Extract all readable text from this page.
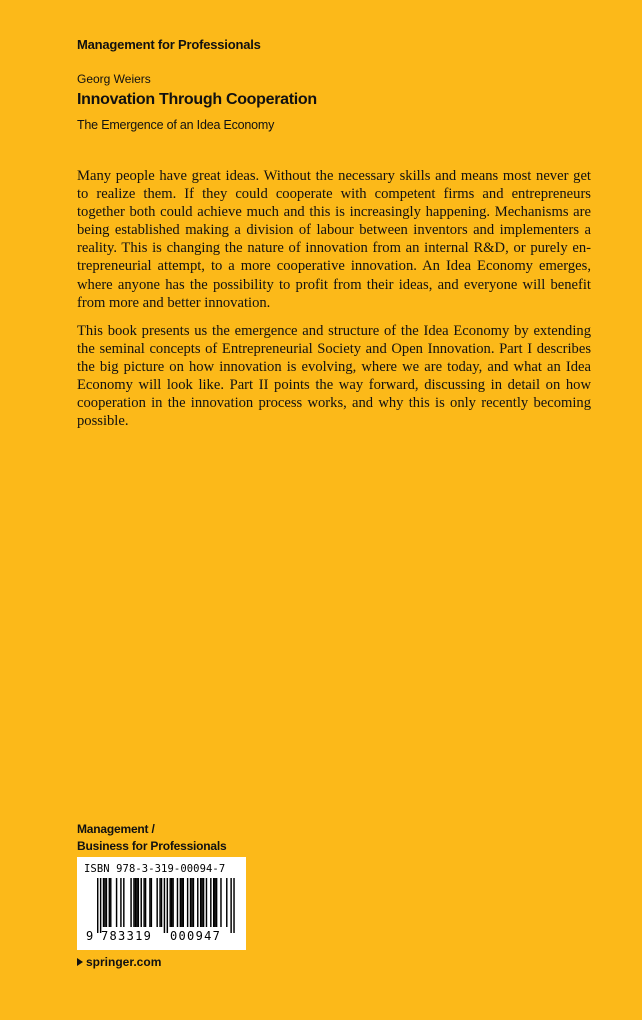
Management for Professionals
Georg Weiers
Innovation Through Cooperation
The Emergence of an Idea Economy

Many people have great ideas. Without the necessary skills and means most never get to realize them. If they could cooperate with competent firms and entrepreneurs together both could achieve much and this is increasingly happening. Mechanisms are being established making a division of labour between inventors and implementers a reality. This is changing the nature of innovation from an internal R&D, or purely entrepreneurial attempt, to a more cooperative innovation. An Idea Economy emerges, where anyone has the possibility to profit from their ideas, and everyone will benefit from more and better innovation.

This book presents us the emergence and structure of the Idea Economy by extending the seminal concepts of Entrepreneurial Society and Open Innovation. Part I describes the big picture on how innovation is evolving, where we are today, and what an Idea Economy will look like. Part II points the way forward, discussing in detail on how cooperation in the innovation process works, and why this is only recently becoming possible.

Management /
Business for Professionals
ISBN 978-3-319-00094-7
9 783319 000947
springer.com
